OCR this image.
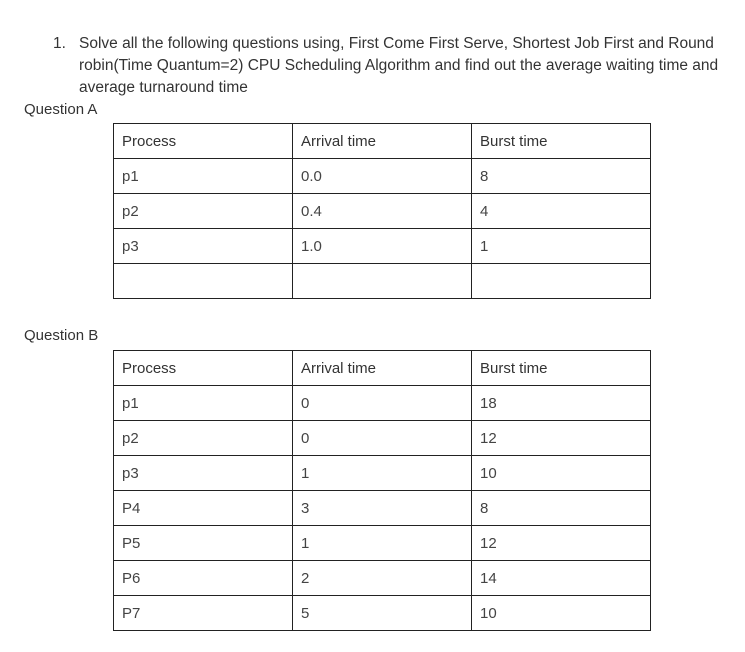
1. Solve all the following questions using, First Come First Serve, Shortest Job First and Round robin(Time Quantum=2) CPU Scheduling Algorithm and find out the average waiting time and average turnaround time
Question A
Process	Arrival time	Burst time
p1	0.0	8
p2	0.4	4
p3	1.0	1

Question B
Process	Arrival time	Burst time
p1	0	18
p2	0	12
p3	1	10
P4	3	8
P5	1	12
P6	2	14
P7	5	10
